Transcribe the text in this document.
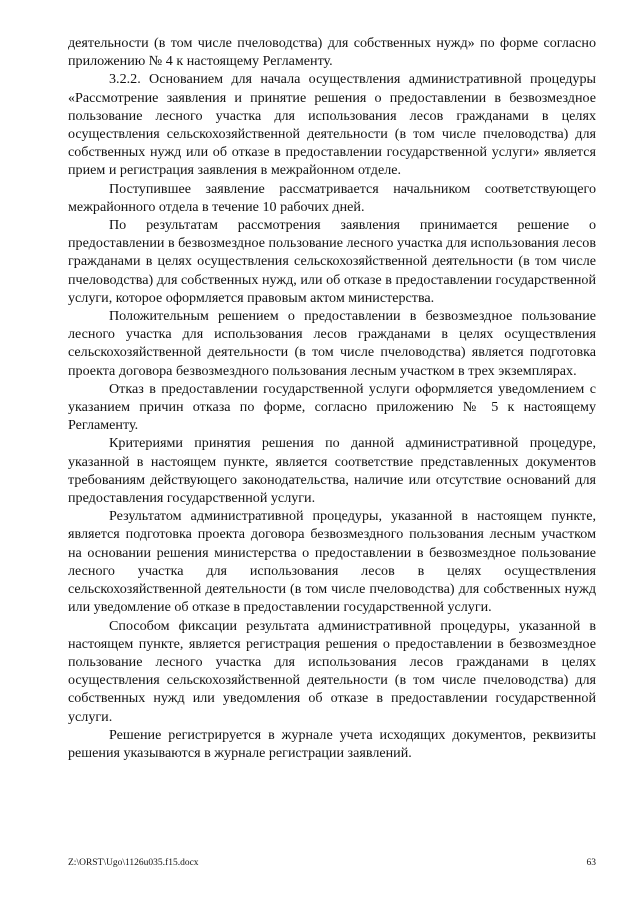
деятельности (в том числе пчеловодства) для собственных нужд» по форме согласно приложению № 4 к настоящему Регламенту.

3.2.2. Основанием для начала осуществления административной процедуры «Рассмотрение заявления и принятие решения о предоставлении в безвозмездное пользование лесного участка для использования лесов гражданами в целях осуществления сельскохозяйственной деятельности (в том числе пчеловодства) для собственных нужд или об отказе в предоставлении государственной услуги» является прием и регистрация заявления в межрайонном отделе.

Поступившее заявление рассматривается начальником соответствующего межрайонного отдела в течение 10 рабочих дней.

По результатам рассмотрения заявления принимается решение о предоставлении в безвозмездное пользование лесного участка для использования лесов гражданами в целях осуществления сельскохозяйственной деятельности (в том числе пчеловодства) для собственных нужд, или об отказе в предоставлении государственной услуги, которое оформляется правовым актом министерства.

Положительным решением о предоставлении в безвозмездное пользование лесного участка для использования лесов гражданами в целях осуществления сельскохозяйственной деятельности (в том числе пчеловодства) является подготовка проекта договора безвозмездного пользования лесным участком в трех экземплярах.

Отказ в предоставлении государственной услуги оформляется уведомлением с указанием причин отказа по форме, согласно приложению № 5 к настоящему Регламенту.

Критериями принятия решения по данной административной процедуре, указанной в настоящем пункте, является соответствие представленных документов требованиям действующего законодательства, наличие или отсутствие оснований для предоставления государственной услуги.

Результатом административной процедуры, указанной в настоящем пункте, является подготовка проекта договора безвозмездного пользования лесным участком на основании решения министерства о предоставлении в безвозмездное пользование лесного участка для использования лесов в целях осуществления сельскохозяйственной деятельности (в том числе пчеловодства) для собственных нужд или уведомление об отказе в предоставлении государственной услуги.

Способом фиксации результата административной процедуры, указанной в настоящем пункте, является регистрация решения о предоставлении в безвозмездное пользование лесного участка для использования лесов гражданами в целях осуществления сельскохозяйственной деятельности (в том числе пчеловодства) для собственных нужд или уведомления об отказе в предоставлении государственной услуги.

Решение регистрируется в журнале учета исходящих документов, реквизиты решения указываются в журнале регистрации заявлений.

Z:\ORST\Ugo\1126u035.f15.docx	63
